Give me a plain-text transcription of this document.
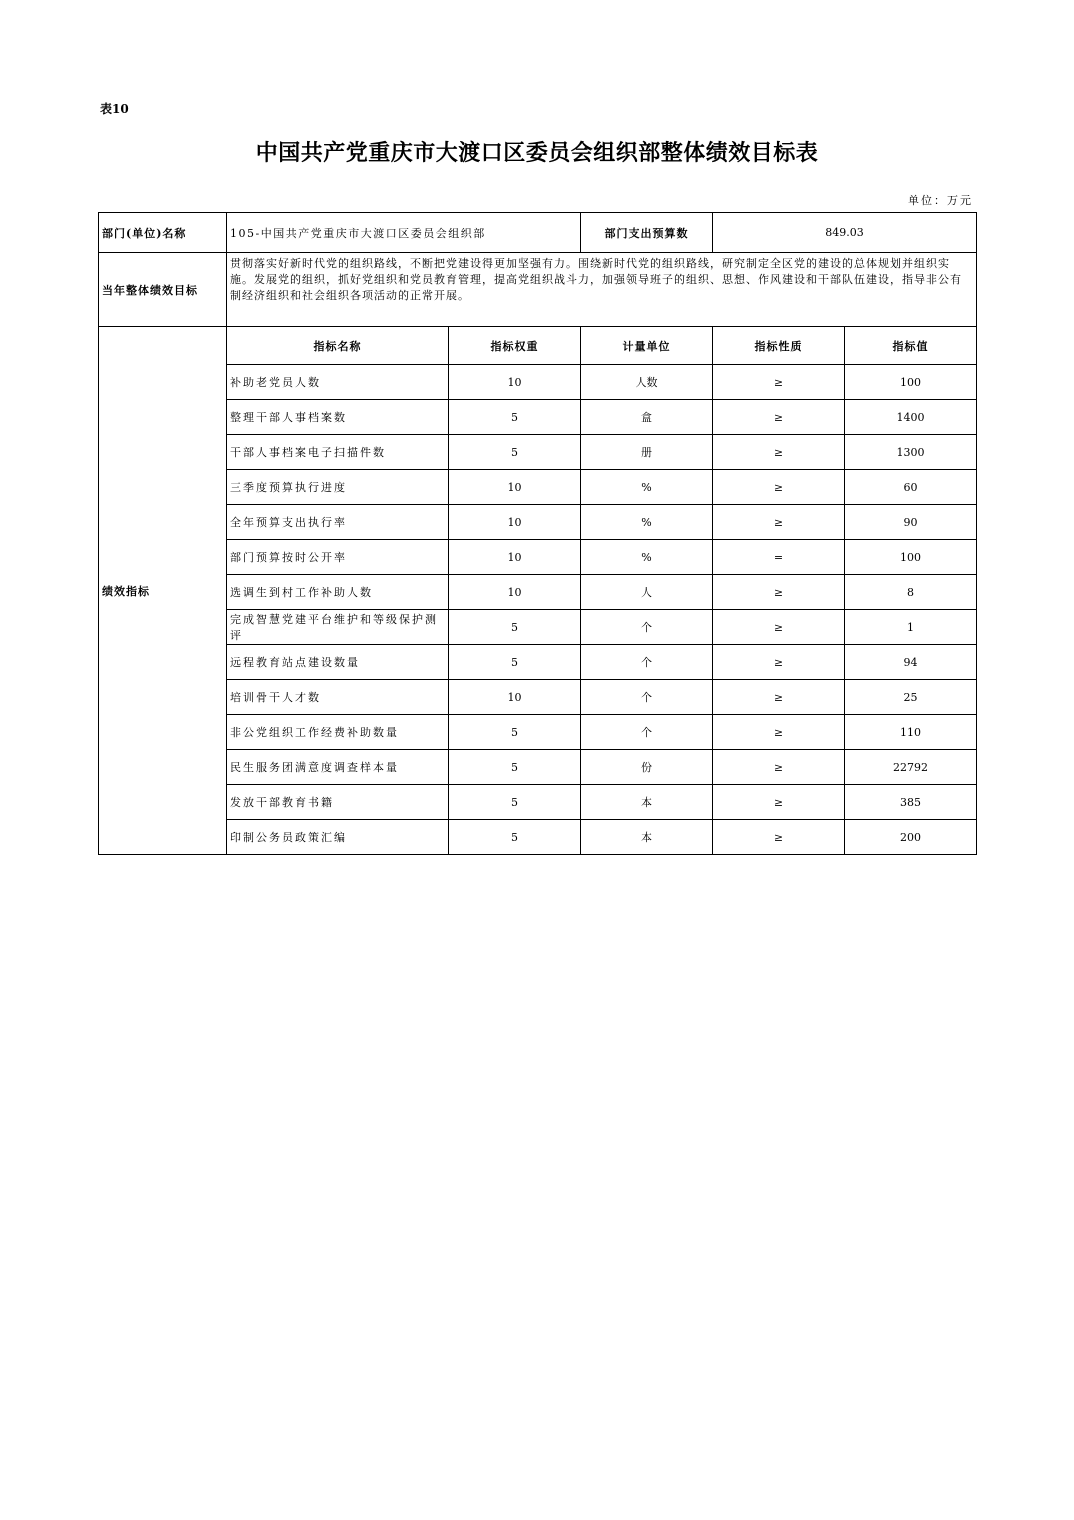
表10
中国共产党重庆市大渡口区委员会组织部整体绩效目标表
单位：万元
部门(单位)名称	105-中国共产党重庆市大渡口区委员会组织部		部门支出预算数	849.03	
当年整体绩效目标	贯彻落实好新时代党的组织路线，不断把党建设得更加坚强有力。围绕新时代党的组织路线，研究制定全区党的建设的总体规划并组织实施。发展党的组织，抓好党组织和党员教育管理，提高党组织战斗力，加强领导班子的组织、思想、作风建设和干部队伍建设，指导非公有制经济组织和社会组织各项活动的正常开展。				
绩效指标	指标名称	指标权重	计量单位	指标性质	指标值
	补助老党员人数	10	人数	≥	100
	整理干部人事档案数	5	盒	≥	1400
	干部人事档案电子扫描件数	5	册	≥	1300
	三季度预算执行进度	10	%	≥	60
	全年预算支出执行率	10	%	≥	90
	部门预算按时公开率	10	%	=	100
	选调生到村工作补助人数	10	人	≥	8
	完成智慧党建平台维护和等级保护测评	5	个	≥	1
	远程教育站点建设数量	5	个	≥	94
	培训骨干人才数	10	个	≥	25
	非公党组织工作经费补助数量	5	个	≥	110
	民生服务团满意度调查样本量	5	份	≥	22792
	发放干部教育书籍	5	本	≥	385
	印制公务员政策汇编	5	本	≥	200
